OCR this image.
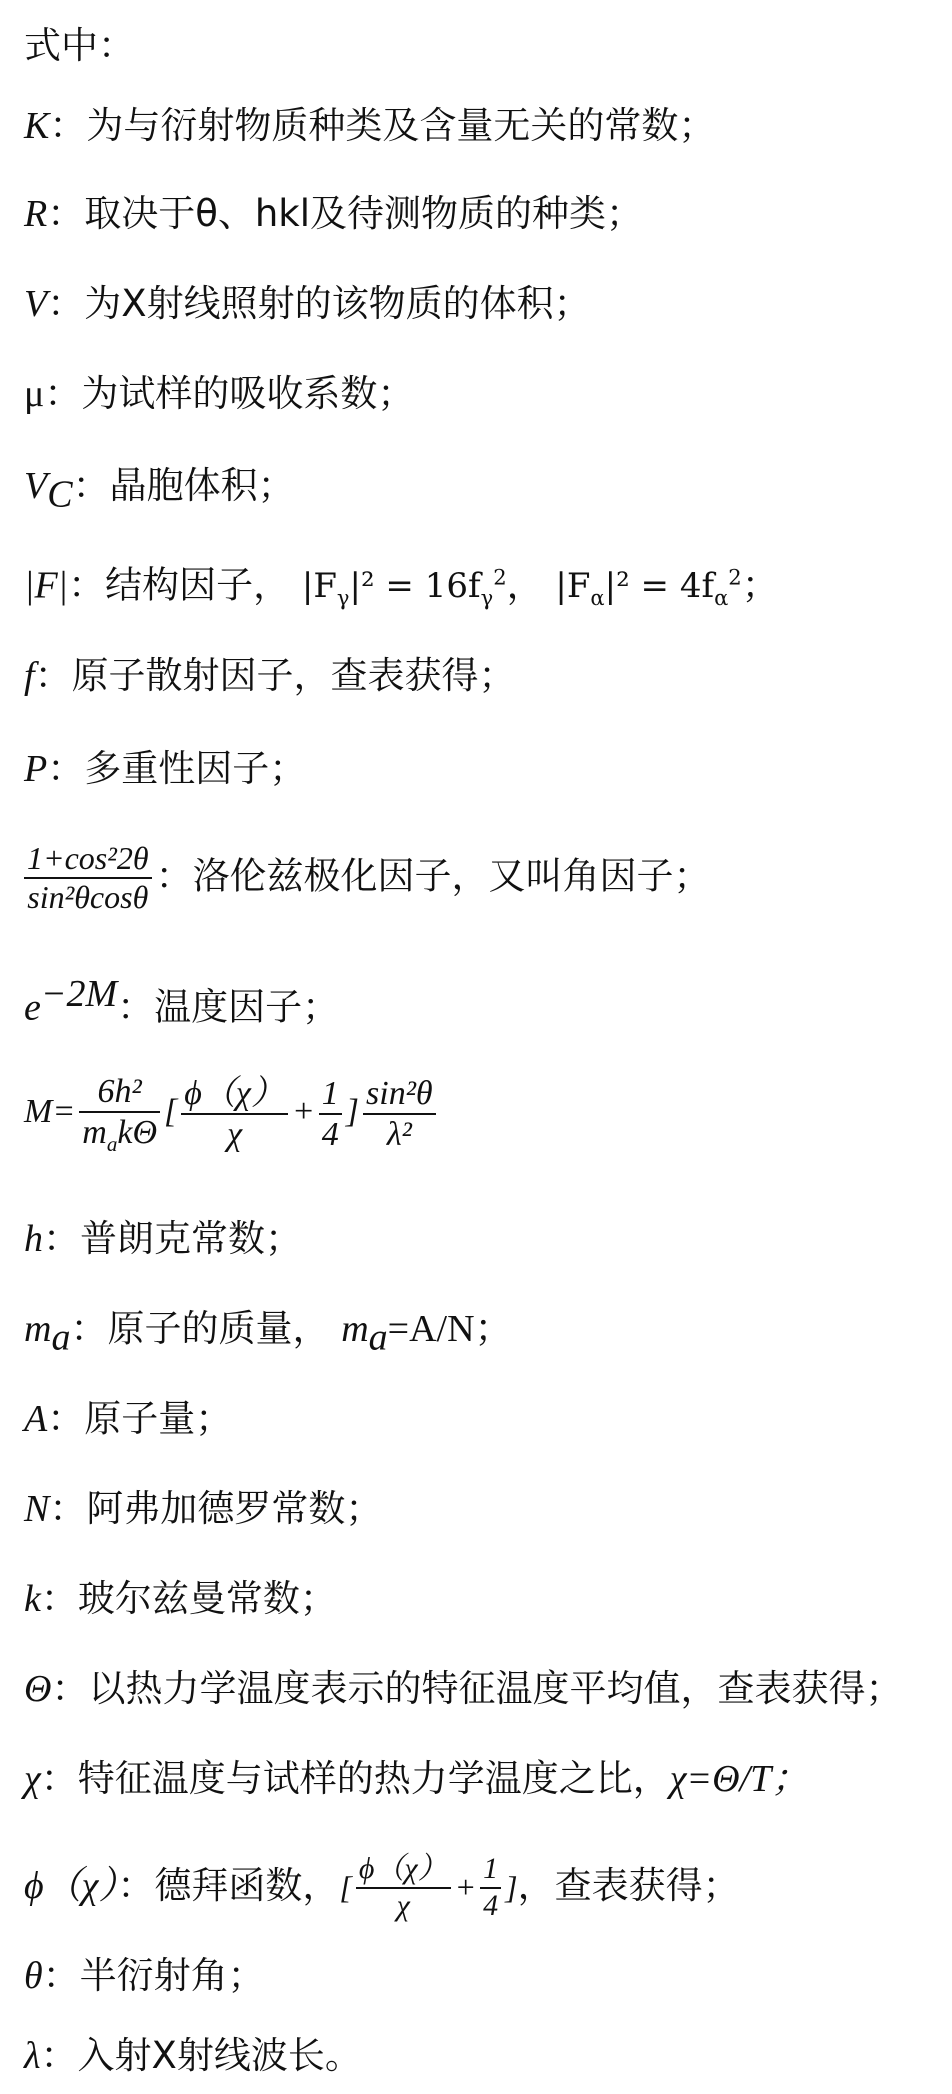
式中：
K：为与衍射物质种类及含量无关的常数；
R：取决于θ、hkl及待测物质的种类；
V：为X射线照射的该物质的体积；
μ：为试样的吸收系数；
$V_C$：晶胞体积；
|F|：结构因子， $|F_\gamma|^2 = 16f_\gamma^2$， $|F_\alpha|^2 = 4f_\alpha^2$；
f：原子散射因子，查表获得；
P：多重性因子；
$\frac{\text{1+cos²2θ}}{\text{sin²θcosθ}}$ ：洛伦兹极化因子，又叫角因子；
$e^{-2M}$：温度因子；
$M= \frac{\text{6h²}}{m_ak\Theta}$ [ $\frac{\phi(\chi)}{\chi} + \frac{1}{4}$ ] $\frac{\text{sin²θ}}{\text{λ²}}$
h：普朗克常数；
$m_a$：原子的质量， $m_a=A/N$；
A：原子量；
N：阿弗加德罗常数；
k：玻尔兹曼常数；
Θ：以热力学温度表示的特征温度平均值，查表获得；
χ：特征温度与试样的热力学温度之比，χ=Θ/T；
ϕ（χ）：德拜函数，[ $\frac{\phi(\chi)}{\chi} + \frac{1}{4}$ ]，查表获得；
θ：半衍射角；
λ：入射X射线波长。
